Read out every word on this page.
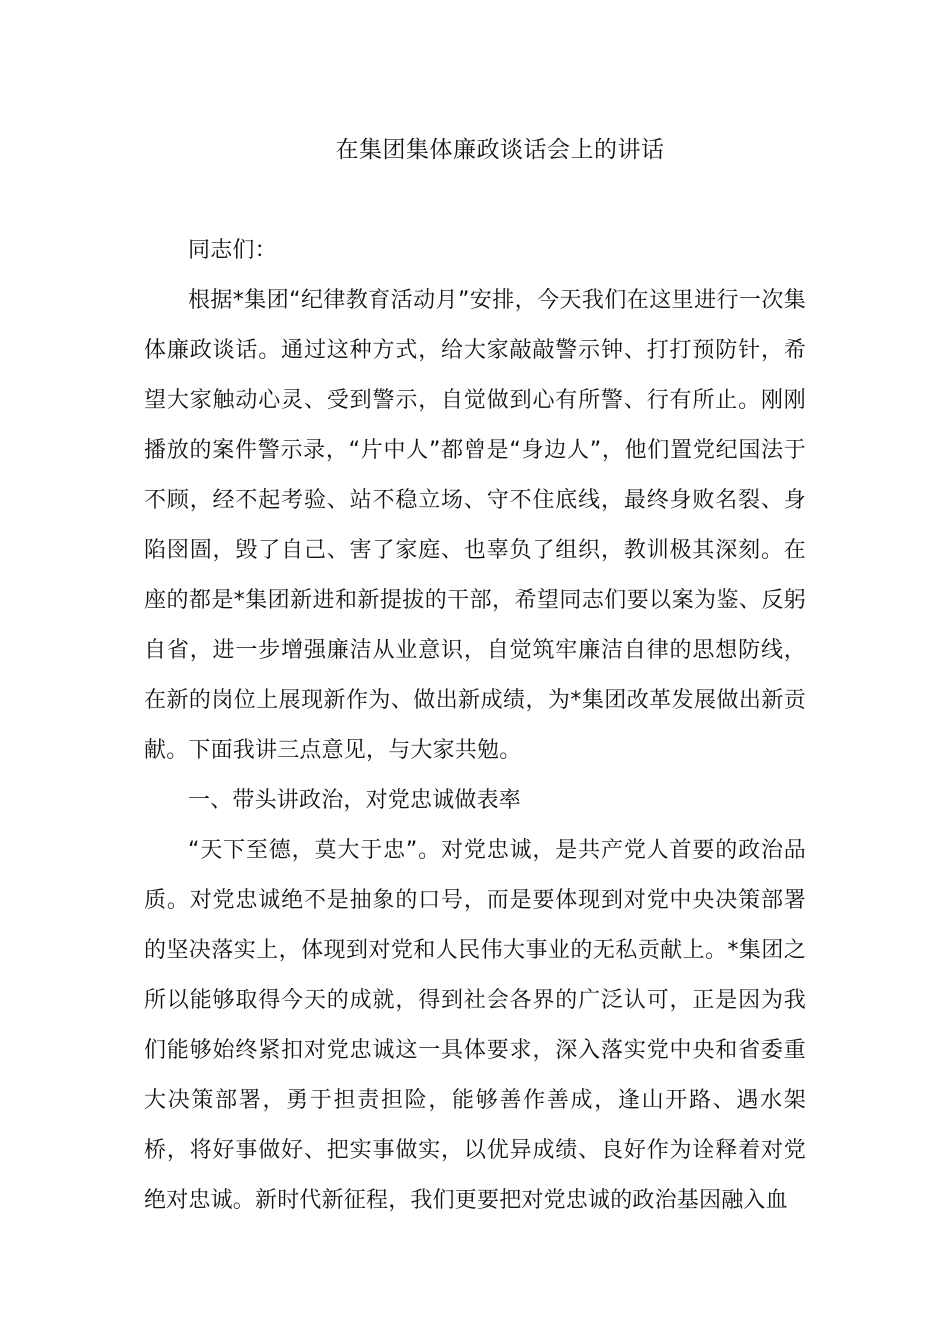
在集团集体廉政谈话会上的讲话

同志们：

根据*集团“纪律教育活动月”安排，今天我们在这里进行一次集体廉政谈话。通过这种方式，给大家敲敲警示钟、打打预防针，希望大家触动心灵、受到警示，自觉做到心有所警、行有所止。刚刚播放的案件警示录，“片中人”都曾是“身边人”，他们置党纪国法于不顾，经不起考验、站不稳立场、守不住底线，最终身败名裂、身陷囹圄，毁了自己、害了家庭、也辜负了组织，教训极其深刻。在座的都是*集团新进和新提拔的干部，希望同志们要以案为鉴、反躬自省，进一步增强廉洁从业意识，自觉筑牢廉洁自律的思想防线，在新的岗位上展现新作为、做出新成绩，为*集团改革发展做出新贡献。下面我讲三点意见，与大家共勉。

一、带头讲政治，对党忠诚做表率

“天下至德，莫大于忠”。对党忠诚，是共产党人首要的政治品质。对党忠诚绝不是抽象的口号，而是要体现到对党中央决策部署的坚决落实上，体现到对党和人民伟大事业的无私贡献上。*集团之所以能够取得今天的成就，得到社会各界的广泛认可，正是因为我们能够始终紧扣对党忠诚这一具体要求，深入落实党中央和省委重大决策部署，勇于担责担险，能够善作善成，逢山开路、遇水架桥，将好事做好、把实事做实，以优异成绩、良好作为诠释着对党绝对忠诚。新时代新征程，我们更要把对党忠诚的政治基因融入血
